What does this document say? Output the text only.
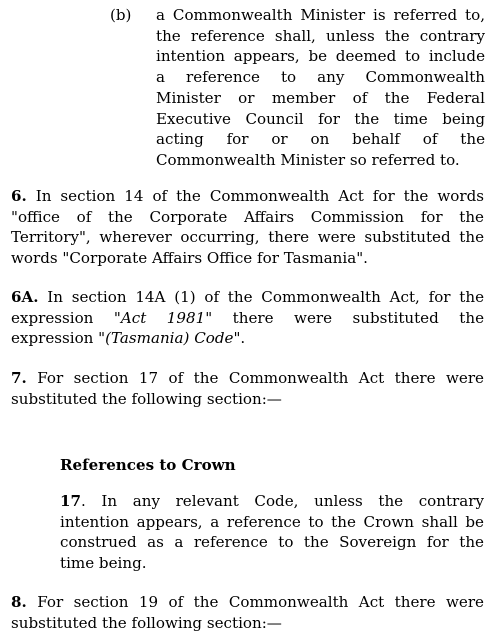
(b) a Commonwealth Minister is referred to,
the reference shall, unless the contrary
intention appears, be deemed to include
a reference to any Commonwealth
Minister or member of the Federal
Executive Council for the time being
acting for or on behalf of the
Commonwealth Minister so referred to.
6. In section 14 of the Commonwealth Act for the words
"office of the Corporate Affairs Commission for the
Territory", wherever occurring, there were substituted the
words "Corporate Affairs Office for Tasmania".
6A. In section 14A (1) of the Commonwealth Act, for the
expression "Act 1981" there were substituted the
expression "(Tasmania) Code".
7. For section 17 of the Commonwealth Act there were
substituted the following section:—
References to Crown
17. In any relevant Code, unless the contrary
intention appears, a reference to the Crown shall be
construed as a reference to the Sovereign for the
time being.
8. For section 19 of the Commonwealth Act there were
substituted the following section:—
